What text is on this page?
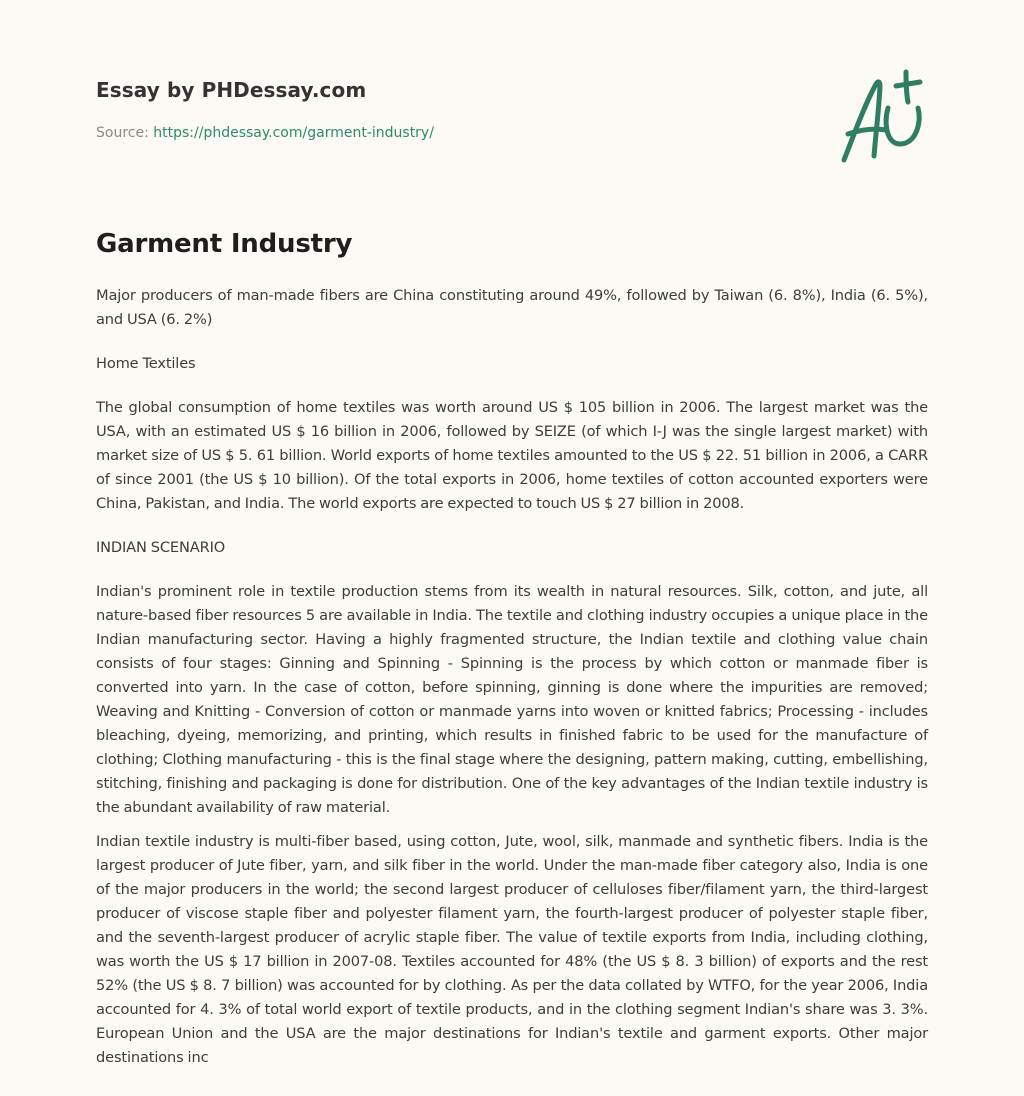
Essay by PHDessay.com
Source: https://phdessay.com/garment-industry/
Garment Industry

Major producers of man-made fibers are China constituting around 49%, followed by Taiwan (6. 8%), India (6. 5%), and USA (6. 2%)

Home Textiles

The global consumption of home textiles was worth around US $ 105 billion in 2006. The largest market was the USA, with an estimated US $ 16 billion in 2006, followed by SEIZE (of which I-J was the single largest market) with market size of US $ 5. 61 billion. World exports of home textiles amounted to the US $ 22. 51 billion in 2006, a CARR of since 2001 (the US $ 10 billion). Of the total exports in 2006, home textiles of cotton accounted exporters were China, Pakistan, and India. The world exports are expected to touch US $ 27 billion in 2008.

INDIAN SCENARIO

Indian's prominent role in textile production stems from its wealth in natural resources. Silk, cotton, and jute, all nature-based fiber resources 5 are available in India. The textile and clothing industry occupies a unique place in the Indian manufacturing sector. Having a highly fragmented structure, the Indian textile and clothing value chain consists of four stages: Ginning and Spinning - Spinning is the process by which cotton or manmade fiber is converted into yarn. In the case of cotton, before spinning, ginning is done where the impurities are removed; Weaving and Knitting - Conversion of cotton or manmade yarns into woven or knitted fabrics; Processing - includes bleaching, dyeing, memorizing, and printing, which results in finished fabric to be used for the manufacture of clothing; Clothing manufacturing - this is the final stage where the designing, pattern making, cutting, embellishing, stitching, finishing and packaging is done for distribution. One of the key advantages of the Indian textile industry is the abundant availability of raw material.

Indian textile industry is multi-fiber based, using cotton, Jute, wool, silk, manmade and synthetic fibers. India is the largest producer of Jute fiber, yarn, and silk fiber in the world. Under the man-made fiber category also, India is one of the major producers in the world; the second largest producer of celluloses fiber/filament yarn, the third-largest producer of viscose staple fiber and polyester filament yarn, the fourth-largest producer of polyester staple fiber, and the seventh-largest producer of acrylic staple fiber. The value of textile exports from India, including clothing, was worth the US $ 17 billion in 2007-08. Textiles accounted for 48% (the US $ 8. 3 billion) of exports and the rest 52% (the US $ 8. 7 billion) was accounted for by clothing. As per the data collated by WTFO, for the year 2006, India accounted for 4. 3% of total world export of textile products, and in the clothing segment Indian's share was 3. 3%. European Union and the USA are the major destinations for Indian's textile and garment exports. Other major destinations inc
